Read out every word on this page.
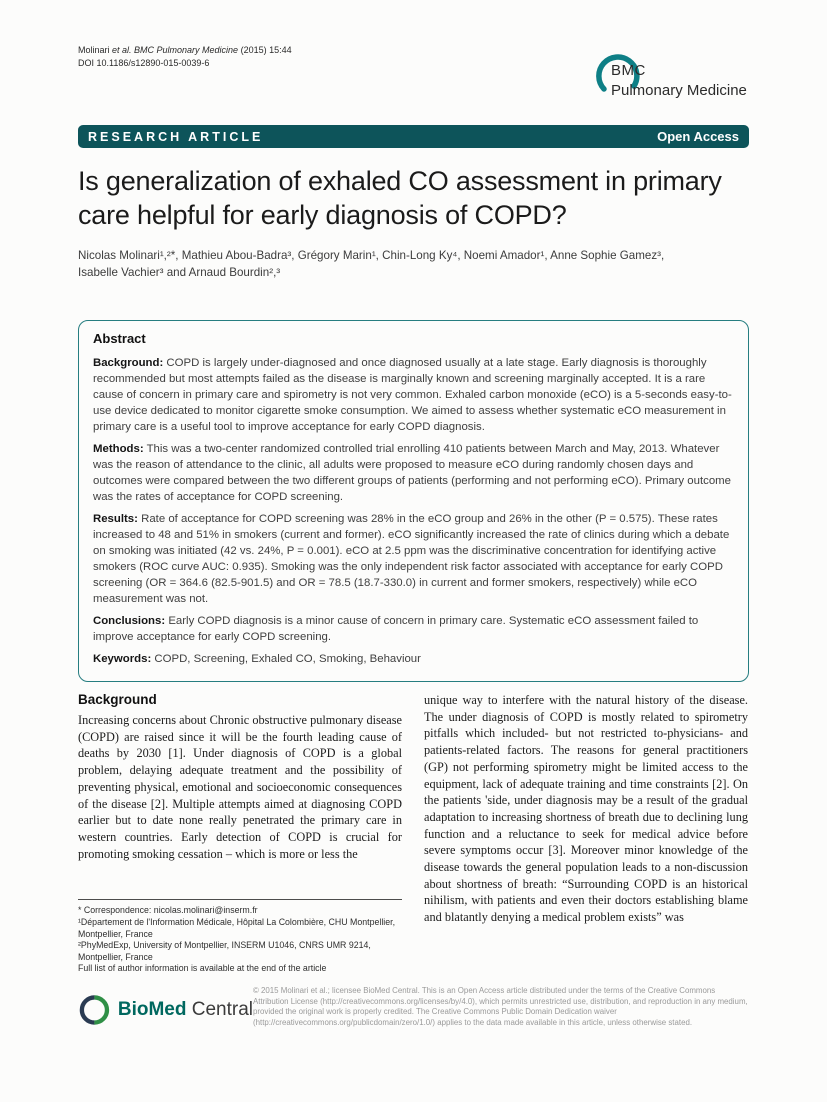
Molinari et al. BMC Pulmonary Medicine (2015) 15:44
DOI 10.1186/s12890-015-0039-6	BMC
Pulmonary Medicine
RESEARCH ARTICLE	Open Access
Is generalization of exhaled CO assessment in primary care helpful for early diagnosis of COPD?

Nicolas Molinari¹,²*, Mathieu Abou-Badra³, Grégory Marin¹, Chin-Long Ky⁴, Noemi Amador¹, Anne Sophie Gamez³,
Isabelle Vachier³ and Arnaud Bourdin²,³

Abstract

Background: COPD is largely under-diagnosed and once diagnosed usually at a late stage. Early diagnosis is thoroughly recommended but most attempts failed as the disease is marginally known and screening marginally accepted. It is a rare cause of concern in primary care and spirometry is not very common. Exhaled carbon monoxide (eCO) is a 5-seconds easy-to-use device dedicated to monitor cigarette smoke consumption. We aimed to assess whether systematic eCO measurement in primary care is a useful tool to improve acceptance for early COPD diagnosis.

Methods: This was a two-center randomized controlled trial enrolling 410 patients between March and May, 2013. Whatever was the reason of attendance to the clinic, all adults were proposed to measure eCO during randomly chosen days and outcomes were compared between the two different groups of patients (performing and not performing eCO). Primary outcome was the rates of acceptance for COPD screening.

Results: Rate of acceptance for COPD screening was 28% in the eCO group and 26% in the other (P = 0.575). These rates increased to 48 and 51% in smokers (current and former). eCO significantly increased the rate of clinics during which a debate on smoking was initiated (42 vs. 24%, P = 0.001). eCO at 2.5 ppm was the discriminative concentration for identifying active smokers (ROC curve AUC: 0.935). Smoking was the only independent risk factor associated with acceptance for early COPD screening (OR = 364.6 (82.5-901.5) and OR = 78.5 (18.7-330.0) in current and former smokers, respectively) while eCO measurement was not.

Conclusions: Early COPD diagnosis is a minor cause of concern in primary care. Systematic eCO assessment failed to improve acceptance for early COPD screening.

Keywords: COPD, Screening, Exhaled CO, Smoking, Behaviour

Background

Increasing concerns about Chronic obstructive pulmonary disease (COPD) are raised since it will be the fourth leading cause of deaths by 2030 [1]. Under diagnosis of COPD is a global problem, delaying adequate treatment and the possibility of preventing physical, emotional and socioeconomic consequences of the disease [2]. Multiple attempts aimed at diagnosing COPD earlier but to date none really penetrated the primary care in western countries. Early detection of COPD is crucial for promoting smoking cessation – which is more or less the

* Correspondence: nicolas.molinari@inserm.fr

¹Département de l'Information Médicale, Hôpital La Colombière, CHU Montpellier, Montpellier, France

²PhyMedExp, University of Montpellier, INSERM U1046, CNRS UMR 9214, Montpellier, France

Full list of author information is available at the end of the article

unique way to interfere with the natural history of the disease. The under diagnosis of COPD is mostly related to spirometry pitfalls which included- but not restricted to-physicians- and patients-related factors. The reasons for general practitioners (GP) not performing spirometry might be limited access to the equipment, lack of adequate training and time constraints [2]. On the patients 'side, under diagnosis may be a result of the gradual adaptation to increasing shortness of breath due to declining lung function and a reluctance to seek for medical advice before severe symptoms occur [3]. Moreover minor knowledge of the disease towards the general population leads to a non-discussion about shortness of breath: “Surrounding COPD is an historical nihilism, with patients and even their doctors establishing blame and blatantly denying a medical problem exists” was

BioMed Central

© 2015 Molinari et al.; licensee BioMed Central. This is an Open Access article distributed under the terms of the Creative Commons Attribution License (http://creativecommons.org/licenses/by/4.0), which permits unrestricted use, distribution, and reproduction in any medium, provided the original work is properly credited. The Creative Commons Public Domain Dedication waiver (http://creativecommons.org/publicdomain/zero/1.0/) applies to the data made available in this article, unless otherwise stated.
